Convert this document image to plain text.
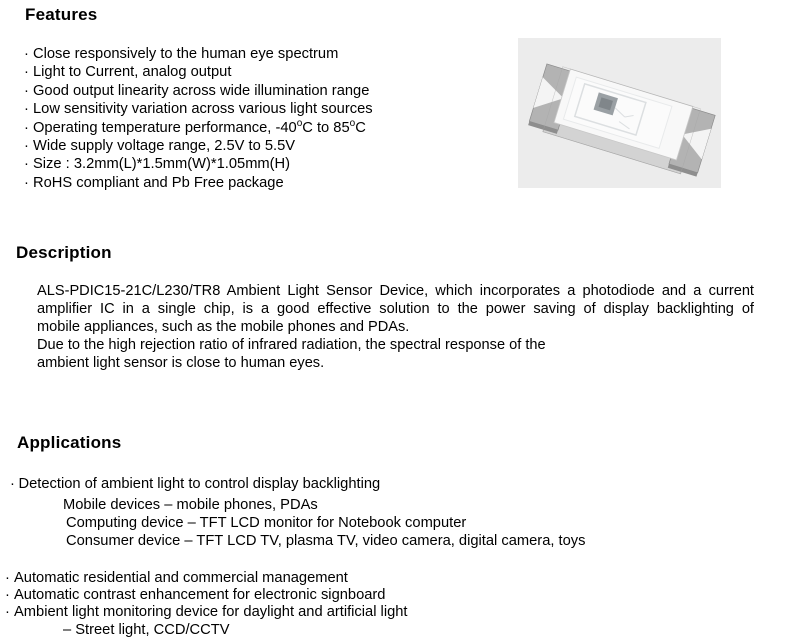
Features
· Close responsively to the human eye spectrum
· Light to Current, analog output
· Good output linearity across wide illumination range
· Low sensitivity variation across various light sources
· Operating temperature performance, -40$^o$C to $85^oC$
· Wide supply voltage range, 2.5V to 5.5V
· Size : 3.2mm(L)*1.5mm(W)*1.05mm(H)
· RoHS compliant and Pb Free package
Description
ALS-PDIC15-21C/L230/TR8 Ambient Light Sensor Device, which incorporates a photodiode and a current
amplifier IC in a single chip, is a good effective solution to the power saving of display backlighting of
mobile appliances, such as the mobile phones and PDAs.
Due to the high rejection ratio of infrared radiation, the spectral response of the
ambient light sensor is close to human eyes.
Applications
· Detection of ambient light to control display backlighting
Mobile devices – mobile phones, PDAs
Computing device – TFT LCD monitor for Notebook computer
Consumer device – TFT LCD TV, plasma TV, video camera, digital camera, toys
· Automatic residential and commercial management
· Automatic contrast enhancement for electronic signboard
· Ambient light monitoring device for daylight and artificial light
– Street light, CCD/CCTV
